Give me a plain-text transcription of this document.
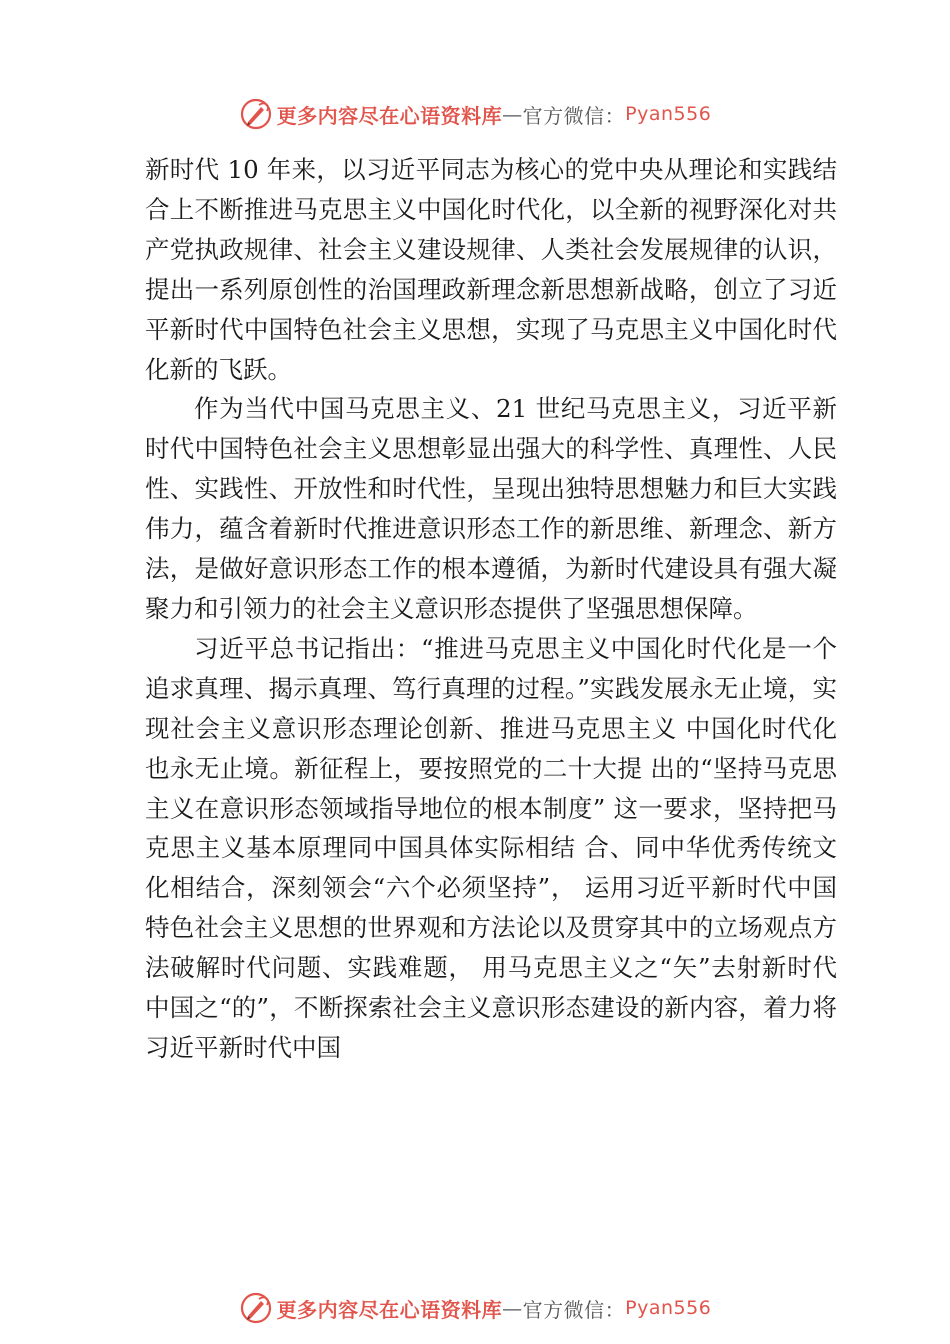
更多内容尽在心语资料库 — 官方微信： Pyan556

新时代 10 年来，以习近平同志为核心的党中央从理论和实践结合上不断推进马克思主义中国化时代化，以全新的视野深化对共产党执政规律、社会主义建设规律、人类社会发展规律的认识，提出一系列原创性的治国理政新理念新思想新战略，创立了习近平新时代中国特色社会主义思想，实现了马克思主义中国化时代化新的飞跃。

作为当代中国马克思主义、21 世纪马克思主义，习近平新时代中国特色社会主义思想彰显出强大的科学性、真理性、人民性、实践性、开放性和时代性，呈现出独特思想魅力和巨大实践伟力，蕴含着新时代推进意识形态工作的新思维、新理念、新方法，是做好意识形态工作的根本遵循，为新时代建设具有强大凝聚力和引领力的社会主义意识形态提供了坚强思想保障。

习近平总书记指出：“推进马克思主义中国化时代化是一个追求真理、揭示真理、笃行真理的过程。”实践发展永无止境，实现社会主义意识形态理论创新、推进马克思主义 中国化时代化也永无止境。新征程上，要按照党的二十大提 出的“坚持马克思主义在意识形态领域指导地位的根本制度” 这一要求，坚持把马克思主义基本原理同中国具体实际相结 合、同中华优秀传统文化相结合，深刻领会“六个必须坚持”， 运用习近平新时代中国特色社会主义思想的世界观和方法论以及贯穿其中的立场观点方法破解时代问题、实践难题， 用马克思主义之“矢”去射新时代中国之“的”，不断探索社会主义意识形态建设的新内容，着力将习近平新时代中国

更多内容尽在心语资料库 — 官方微信： Pyan556
